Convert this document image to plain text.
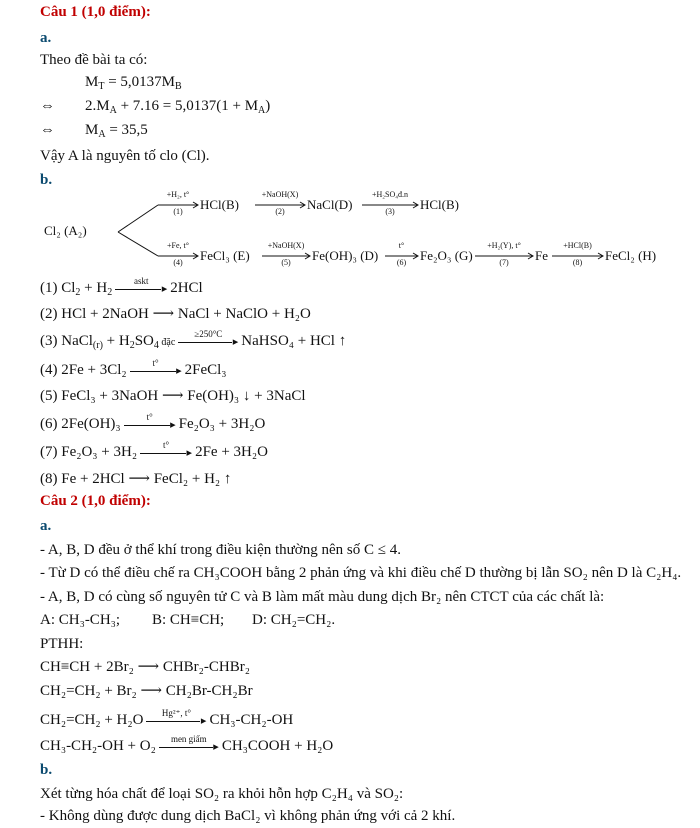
Câu 1 (1,0 điểm):
a.
Theo đề bài ta có:
$M_T = 5,0137M_B$
⇔ $2.M_A + 7.16 = 5,0137(1 + M_A)$
⇔ $M_A = 35,5$
Vậy A là nguyên tố clo (Cl).
b.
Cl₂ (A₂)
+H₂, t°
(1)	HCl(B)
+NaOH(X)
(2)	NaCl(D)
+H₂SO₄đ.n
(3)	HCl(B)
+Fe, t°
(4)	FeCl₃ (E)
+NaOH(X)
(5)	Fe(OH)₃ (D)
t°
(6)	Fe₂O₃ (G)
+H₂(Y), t°
(7)	Fe
+HCl(B)
(8)	FeCl₂ (H)
(1) $Cl_2 + H_2$
askt
▸ 2HCl
(2) HCl + 2NaOH ⟶ NaCl + NaClO + H₂O
(3) NaCl$_{(r)}$ + $H_2SO_4$ đặc
≥250°C
▸ NaHSO₄ + HCl ↑
(4) 2Fe + 3Cl₂	t°
▸ 2FeCl₃
(5) FeCl₃ + 3NaOH ⟶ Fe(OH)₃ ↓ + 3NaCl
(6) 2Fe(OH)₃	t°
▸ Fe₂O₃ + 3H₂O
(7) Fe₂O₃ + 3H₂	t°
▸ 2Fe + 3H₂O
(8) Fe + 2HCl ⟶ FeCl₂ + H₂ ↑
Câu 2 (1,0 điểm):
a.
- A, B, D đều ở thể khí trong điều kiện thường nên số C ≤ 4.
- Từ D có thể điều chế ra CH₃COOH bằng 2 phản ứng và khi điều chế D thường bị lẫn SO₂ nên D là C₂H₄.
- A, B, D có cùng số nguyên tử C và B làm mất màu dung dịch Br₂ nên CTCT của các chất là:
A: CH₃-CH₃; B: CH≡CH; D: CH₂=CH₂.
PTHH:
CH≡CH + 2Br₂ ⟶ CHBr₂-CHBr₂
CH₂=CH₂ + Br₂ ⟶ CH₂Br-CH₂Br
CH₂=CH₂ + H₂O	Hg²⁺, t°
▸ CH₃-CH₂-OH
CH₃-CH₂-OH + O₂	men giấm
▸ CH₃COOH + H₂O
b.
Xét từng hóa chất để loại SO₂ ra khỏi hỗn hợp C₂H₄ và SO₂:
- Không dùng được dung dịch BaCl₂ vì không phản ứng với cả 2 khí.
